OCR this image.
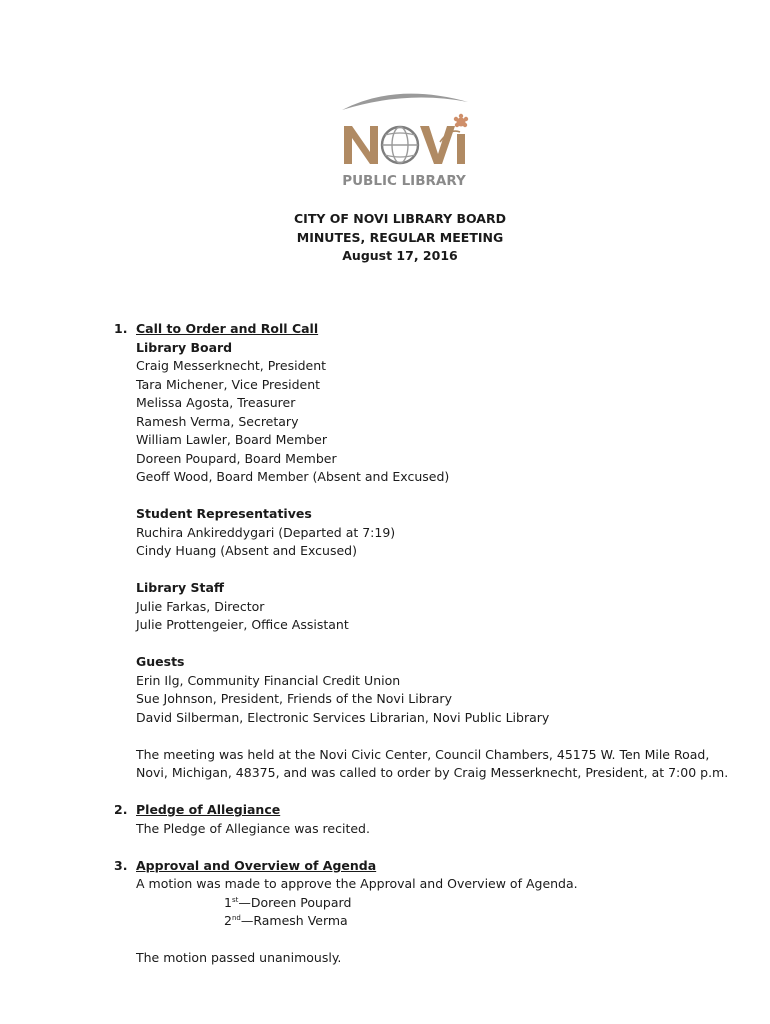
PUBLIC LIBRARY
CITY OF NOVI LIBRARY BOARD
MINUTES, REGULAR MEETING
August 17, 2016
1. Call to Order and Roll Call
Library Board
Craig Messerknecht, President
Tara Michener, Vice President
Melissa Agosta, Treasurer
Ramesh Verma, Secretary
William Lawler, Board Member
Doreen Poupard, Board Member
Geoff Wood, Board Member (Absent and Excused)
Student Representatives
Ruchira Ankireddygari (Departed at 7:19)
Cindy Huang (Absent and Excused)
Library Staff
Julie Farkas, Director
Julie Prottengeier, Office Assistant
Guests
Erin Ilg, Community Financial Credit Union
Sue Johnson, President, Friends of the Novi Library
David Silberman, Electronic Services Librarian, Novi Public Library
The meeting was held at the Novi Civic Center, Council Chambers, 45175 W. Ten Mile Road,
Novi, Michigan, 48375, and was called to order by Craig Messerknecht, President, at 7:00 p.m.
2. Pledge of Allegiance
The Pledge of Allegiance was recited.
3. Approval and Overview of Agenda
A motion was made to approve the Approval and Overview of Agenda.
1st—Doreen Poupard
2nd—Ramesh Verma
The motion passed unanimously.
